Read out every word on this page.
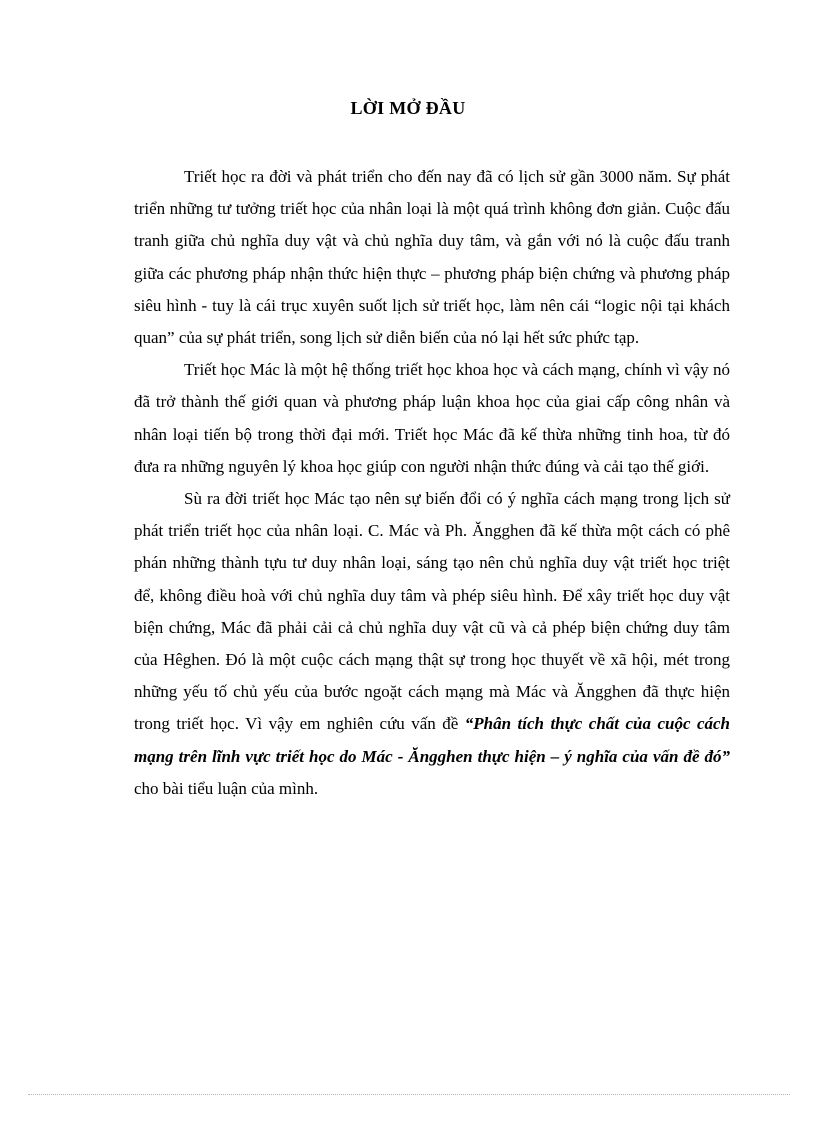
LỜI MỞ ĐẦU

Triết học ra đời và phát triển cho đến nay đã có lịch sử gần 3000 năm. Sự phát triển những tư tưởng triết học của nhân loại là một quá trình không đơn giản. Cuộc đấu tranh giữa chủ nghĩa duy vật và chủ nghĩa duy tâm, và gắn với nó là cuộc đấu tranh giữa các phương pháp nhận thức hiện thực – phương pháp biện chứng và phương pháp siêu hình - tuy là cái trục xuyên suốt lịch sử triết học, làm nên cái “logic nội tại khách quan” của sự phát triển, song lịch sử diễn biến của nó lại hết sức phức tạp.

Triết học Mác là một hệ thống triết học khoa học và cách mạng, chính vì vậy nó đã trở thành thế giới quan và phương pháp luận khoa học của giai cấp công nhân và nhân loại tiến bộ trong thời đại mới. Triết học Mác đã kế thừa những tinh hoa, từ đó đưa ra những nguyên lý khoa học giúp con người nhận thức đúng và cải tạo thế giới.

Sù ra đời triết học Mác tạo nên sự biến đổi có ý nghĩa cách mạng trong lịch sử phát triển triết học của nhân loại. C. Mác và Ph. Ăngghen đã kế thừa một cách có phê phán những thành tựu tư duy nhân loại, sáng tạo nên chủ nghĩa duy vật triết học triệt để, không điều hoà với chủ nghĩa duy tâm và phép siêu hình. Để xây triết học duy vật biện chứng, Mác đã phải cải cả chủ nghĩa duy vật cũ và cả phép biện chứng duy tâm của Hêghen. Đó là một cuộc cách mạng thật sự trong học thuyết về xã hội, mét trong những yếu tố chủ yếu của bước ngoặt cách mạng mà Mác và Ăngghen đã thực hiện trong triết học. Vì vậy em nghiên cứu vấn đề “Phân tích thực chất của cuộc cách mạng trên lĩnh vực triết học do Mác - Ăngghen thực hiện – ý nghĩa của vấn đề đó” cho bài tiểu luận của mình.
